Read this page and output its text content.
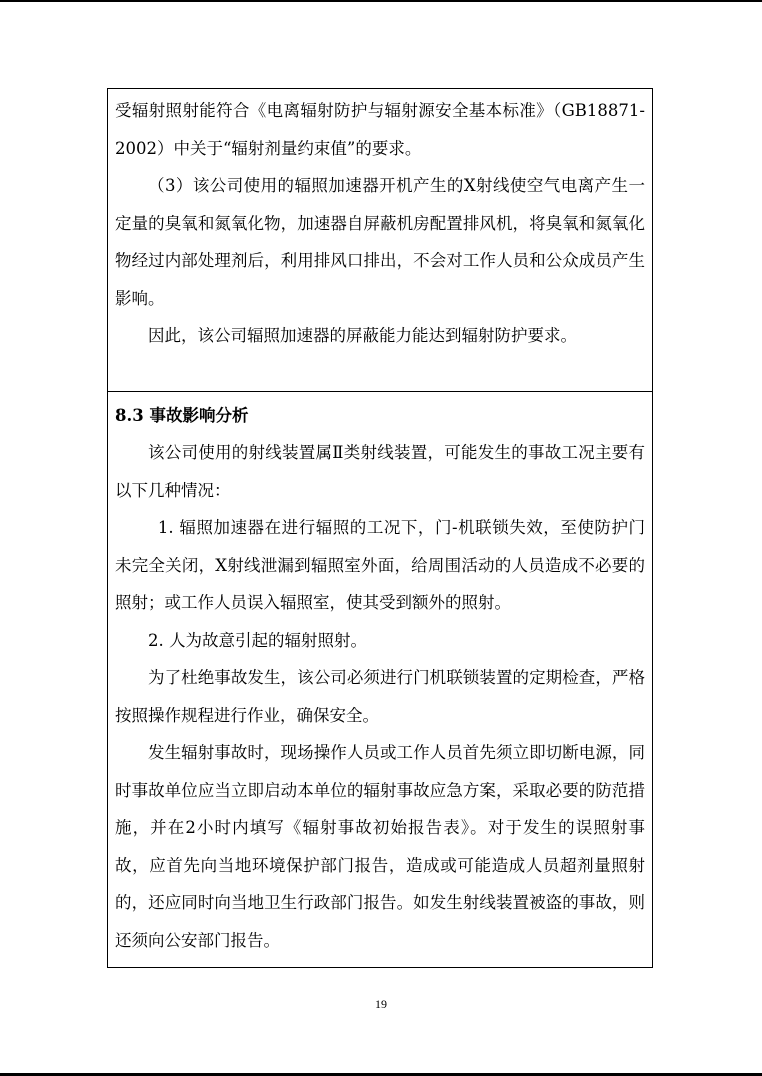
受辐射照射能符合《电离辐射防护与辐射源安全基本标准》（GB18871-2002）中关于“辐射剂量约束值”的要求。

（3）该公司使用的辐照加速器开机产生的X射线使空气电离产生一定量的臭氧和氮氧化物，加速器自屏蔽机房配置排风机，将臭氧和氮氧化物经过内部处理剂后，利用排风口排出，不会对工作人员和公众成员产生影响。

因此，该公司辐照加速器的屏蔽能力能达到辐射防护要求。

8.3 事故影响分析

该公司使用的射线装置属Ⅱ类射线装置，可能发生的事故工况主要有以下几种情况：

1. 辐照加速器在进行辐照的工况下，门-机联锁失效，至使防护门未完全关闭，X射线泄漏到辐照室外面，给周围活动的人员造成不必要的照射；或工作人员误入辐照室，使其受到额外的照射。

2. 人为故意引起的辐射照射。

为了杜绝事故发生，该公司必须进行门机联锁装置的定期检查，严格按照操作规程进行作业，确保安全。

发生辐射事故时，现场操作人员或工作人员首先须立即切断电源，同时事故单位应当立即启动本单位的辐射事故应急方案，采取必要的防范措施，并在2小时内填写《辐射事故初始报告表》。对于发生的误照射事故，应首先向当地环境保护部门报告，造成或可能造成人员超剂量照射的，还应同时向当地卫生行政部门报告。如发生射线装置被盗的事故，则还须向公安部门报告。

19
